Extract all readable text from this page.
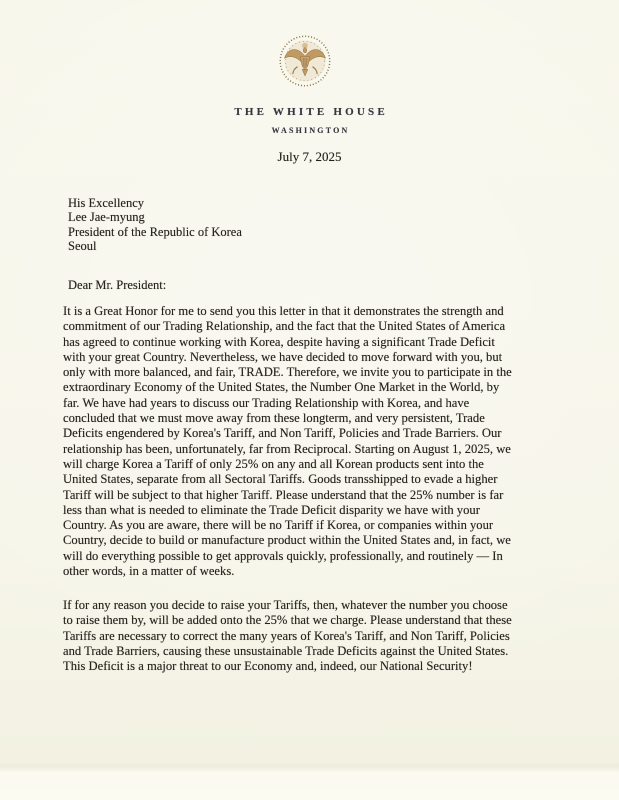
THE WHITE HOUSE
WASHINGTON
July 7, 2025
His Excellency
Lee Jae-myung
President of the Republic of Korea
Seoul
Dear Mr. President:
It is a Great Honor for me to send you this letter in that it demonstrates the strength and
commitment of our Trading Relationship, and the fact that the United States of America
has agreed to continue working with Korea, despite having a significant Trade Deficit
with your great Country. Nevertheless, we have decided to move forward with you, but
only with more balanced, and fair, TRADE. Therefore, we invite you to participate in the
extraordinary Economy of the United States, the Number One Market in the World, by
far. We have had years to discuss our Trading Relationship with Korea, and have
concluded that we must move away from these longterm, and very persistent, Trade
Deficits engendered by Korea's Tariff, and Non Tariff, Policies and Trade Barriers. Our
relationship has been, unfortunately, far from Reciprocal. Starting on August 1, 2025, we
will charge Korea a Tariff of only 25% on any and all Korean products sent into the
United States, separate from all Sectoral Tariffs. Goods transshipped to evade a higher
Tariff will be subject to that higher Tariff. Please understand that the 25% number is far
less than what is needed to eliminate the Trade Deficit disparity we have with your
Country. As you are aware, there will be no Tariff if Korea, or companies within your
Country, decide to build or manufacture product within the United States and, in fact, we
will do everything possible to get approvals quickly, professionally, and routinely — In
other words, in a matter of weeks.
If for any reason you decide to raise your Tariffs, then, whatever the number you choose
to raise them by, will be added onto the 25% that we charge. Please understand that these
Tariffs are necessary to correct the many years of Korea's Tariff, and Non Tariff, Policies
and Trade Barriers, causing these unsustainable Trade Deficits against the United States.
This Deficit is a major threat to our Economy and, indeed, our National Security!
